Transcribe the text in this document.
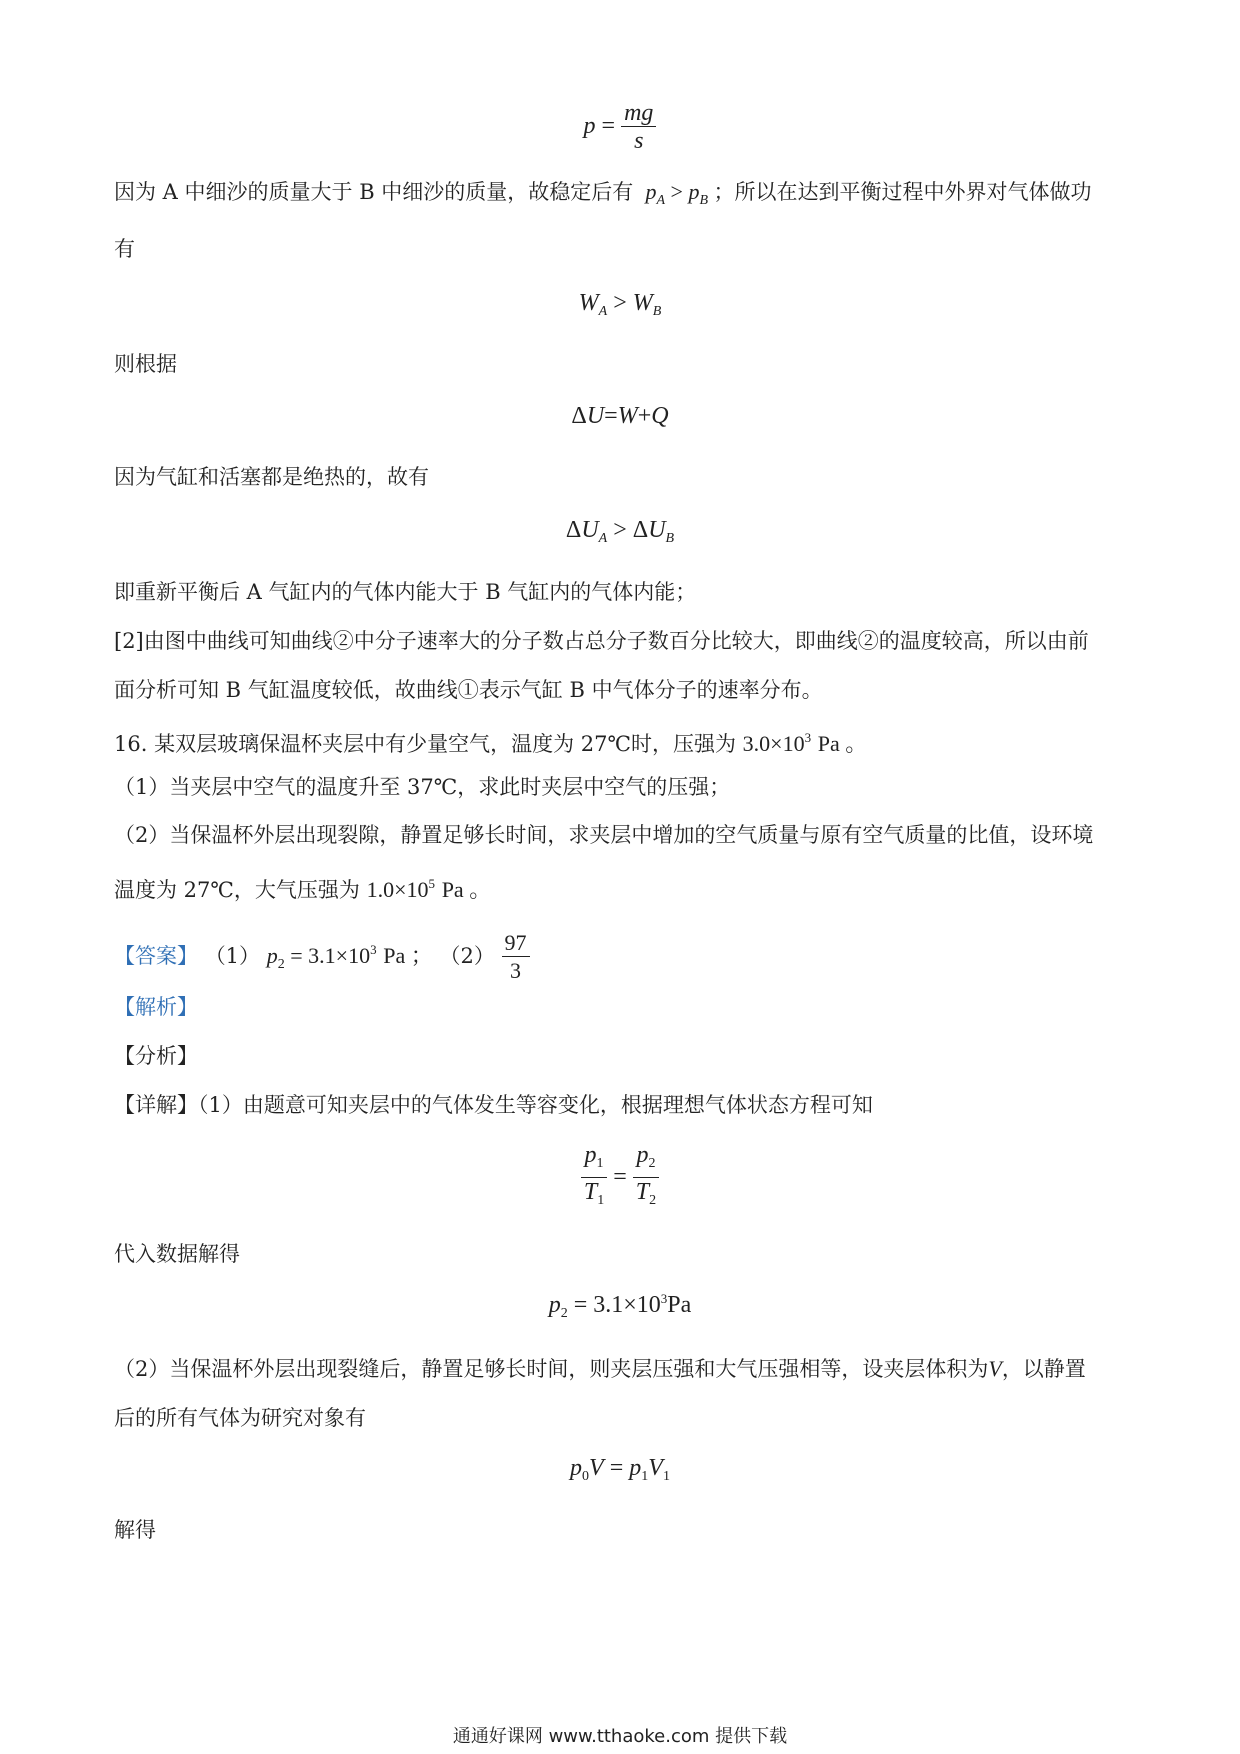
$p = \frac{mg}{s}$
因为 A 中细沙的质量大于 B 中细沙的质量，故稳定后有 $p_A > p_B$ ；所以在达到平衡过程中外界对气体做功
有
$W_A > W_B$
则根据
ΔU=W+Q
因为气缸和活塞都是绝热的，故有
$\Delta U_A > \Delta U_B$
即重新平衡后 A 气缸内的气体内能大于 B 气缸内的气体内能；
[2]由图中曲线可知曲线②中分子速率大的分子数占总分子数百分比较大，即曲线②的温度较高，所以由前
面分析可知 B 气缸温度较低，故曲线①表示气缸 B 中气体分子的速率分布。
16. 某双层玻璃保温杯夹层中有少量空气，温度为 27℃时，压强为 $3.0\times 10^3$ Pa 。
（1）当夹层中空气的温度升至 37℃，求此时夹层中空气的压强；
（2）当保温杯外层出现裂隙，静置足够长时间，求夹层中增加的空气质量与原有空气质量的比值，设环境
温度为 27℃，大气压强为 $1.0\times 10^5$ Pa 。
【答案】 （1） $p_2 = 3.1\times 10^3$ Pa ； $(2) \frac{97}{3}$
【解析】
【分析】
【详解】（1）由题意可知夹层中的气体发生等容变化，根据理想气体状态方程可知
$\frac{p_1}{T_1} = \frac{p_2}{T_2}$
代入数据解得
$p_2 = 3.1\times 10^3Pa$
（2）当保温杯外层出现裂缝后，静置足够长时间，则夹层压强和大气压强相等，设夹层体积为V，以静置
后的所有气体为研究对象有
$p_0V = p_1V_1$
解得
通通好课网 www.tthaoke.com 提供下载
